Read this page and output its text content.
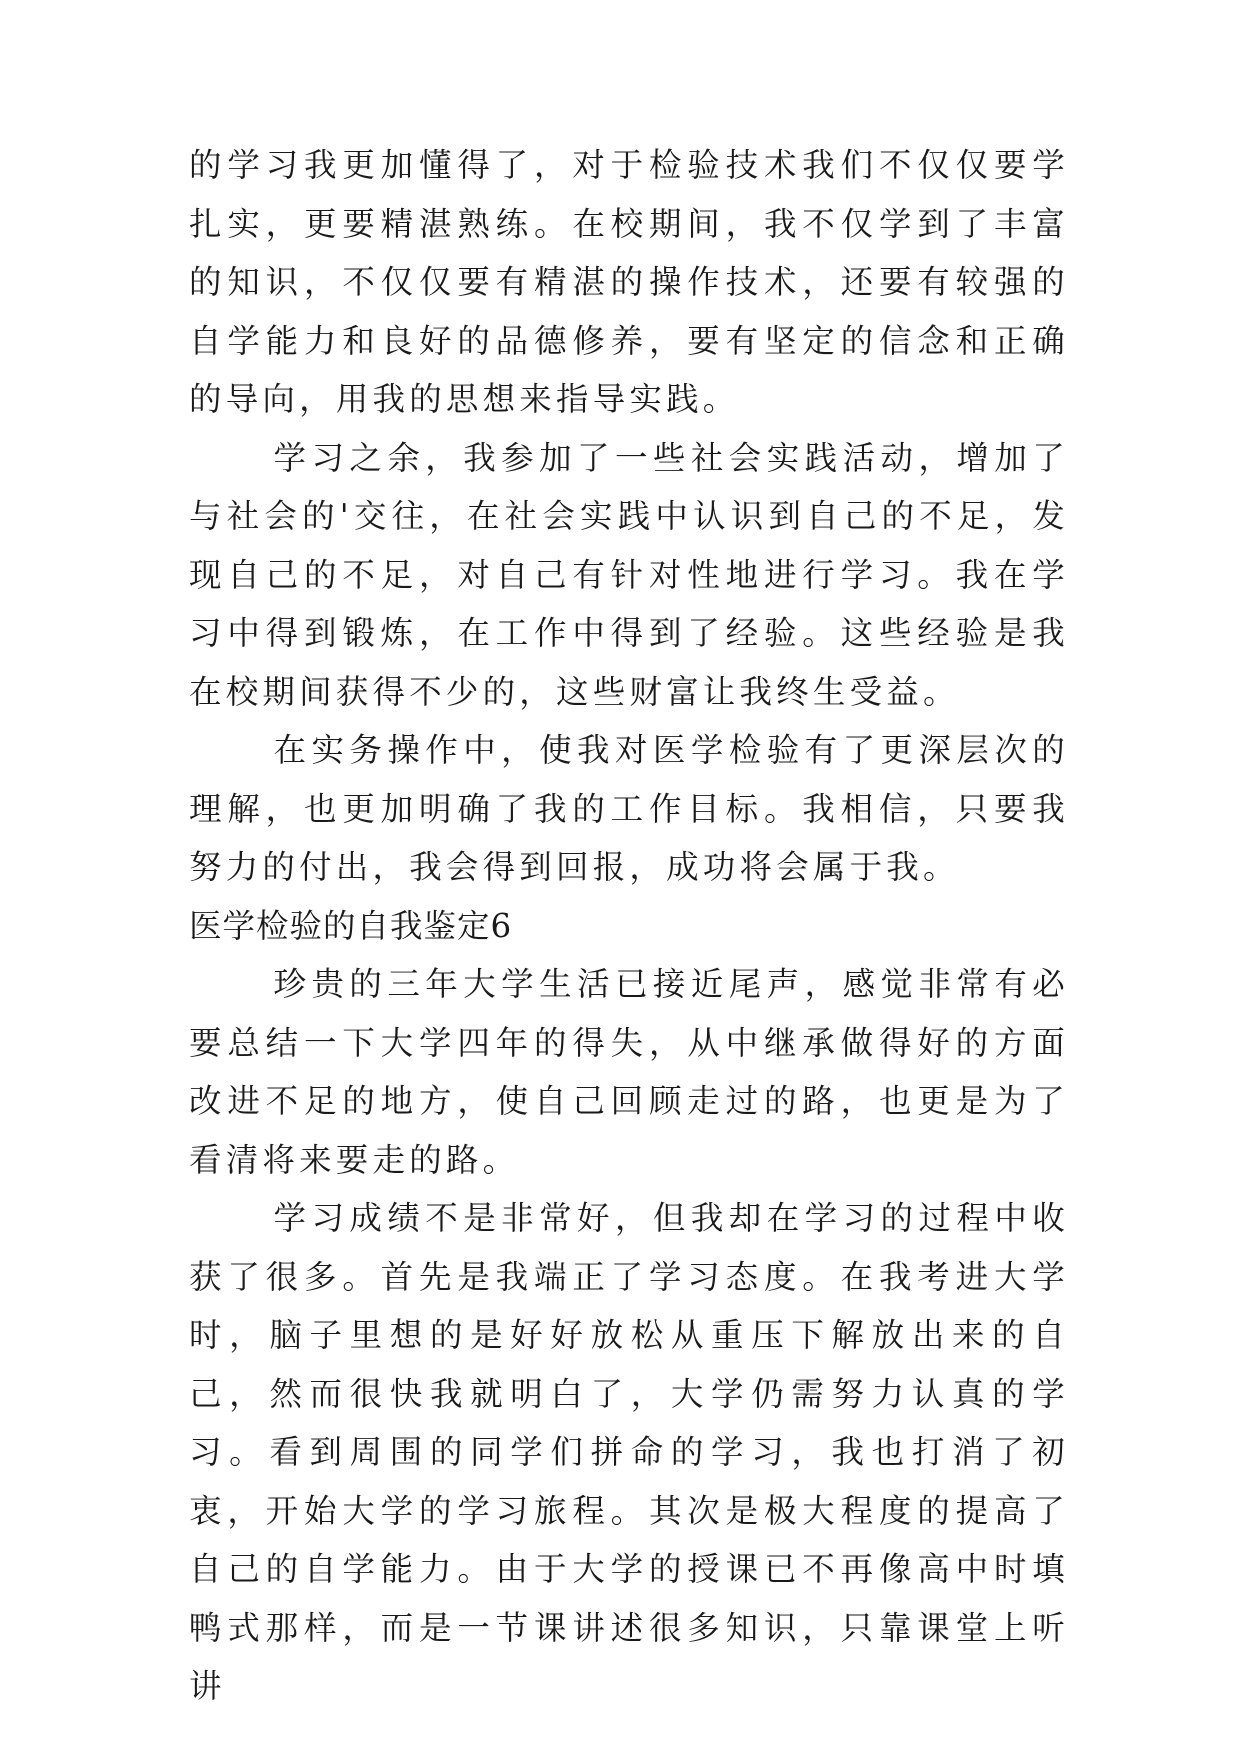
的学习我更加懂得了，对于检验技术我们不仅仅要学扎实，更要精湛熟练。在校期间，我不仅学到了丰富的知识，不仅仅要有精湛的操作技术，还要有较强的自学能力和良好的品德修养，要有坚定的信念和正确的导向，用我的思想来指导实践。

学习之余，我参加了一些社会实践活动，增加了与社会的'交往，在社会实践中认识到自己的不足，发现自己的不足，对自己有针对性地进行学习。我在学习中得到锻炼，在工作中得到了经验。这些经验是我在校期间获得不少的，这些财富让我终生受益。

在实务操作中，使我对医学检验有了更深层次的理解，也更加明确了我的工作目标。我相信，只要我努力的付出，我会得到回报，成功将会属于我。

医学检验的自我鉴定6

珍贵的三年大学生活已接近尾声，感觉非常有必要总结一下大学四年的得失，从中继承做得好的方面改进不足的地方，使自己回顾走过的路，也更是为了看清将来要走的路。

学习成绩不是非常好，但我却在学习的过程中收获了很多。首先是我端正了学习态度。在我考进大学时，脑子里想的是好好放松从重压下解放出来的自己，然而很快我就明白了，大学仍需努力认真的学习。看到周围的同学们拼命的学习，我也打消了初衷，开始大学的学习旅程。其次是极大程度的提高了自己的自学能力。由于大学的授课已不再像高中时填鸭式那样，而是一节课讲述很多知识，只靠课堂上听讲
